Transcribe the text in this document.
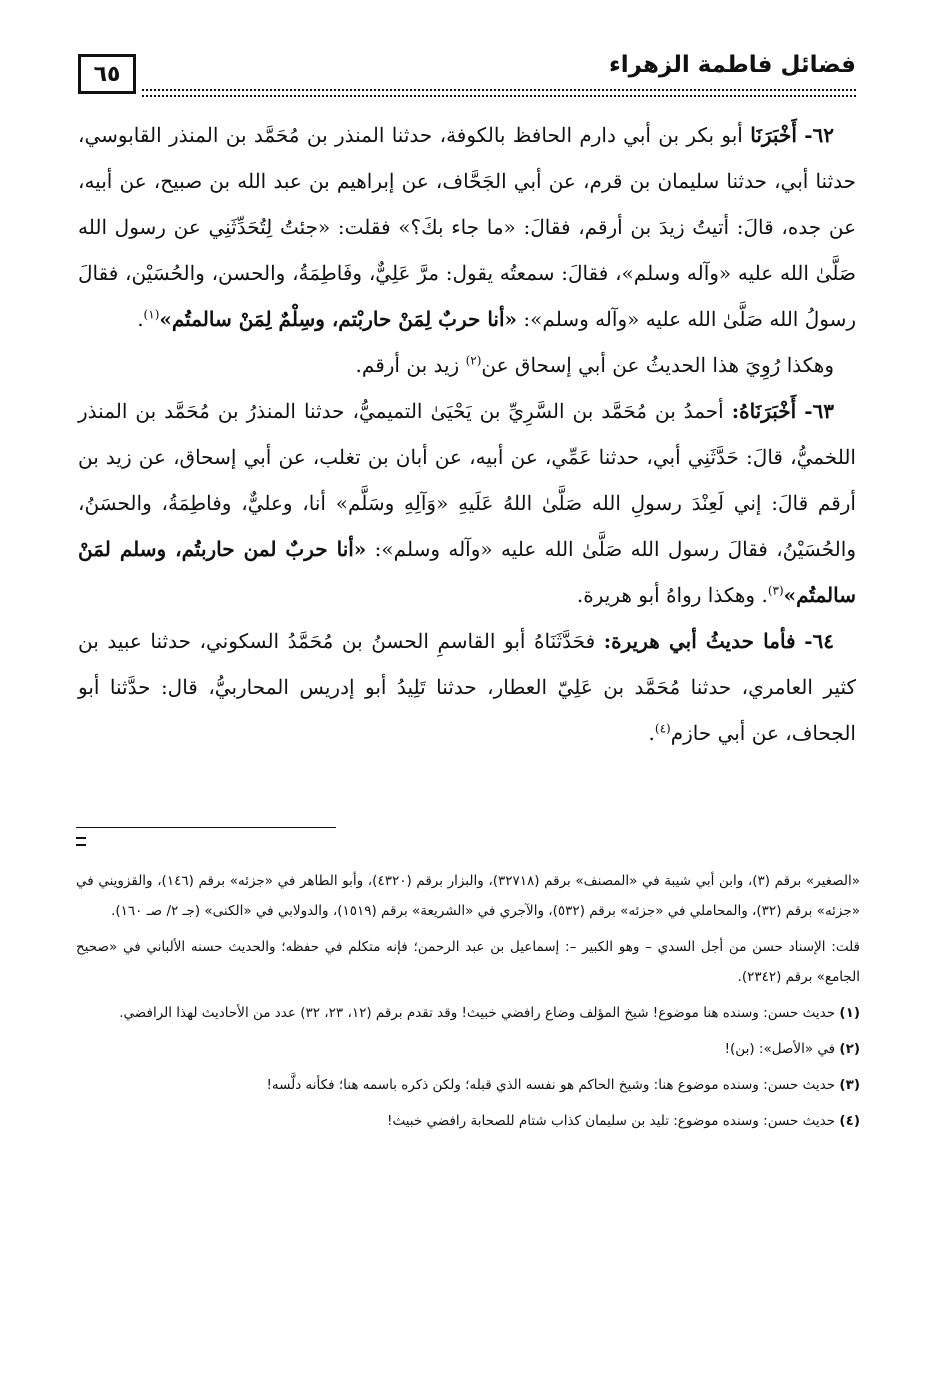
٦٥	فضائل فاطمة الزهراء

٦٢- أَخْبَرَنَا أبو بكر بن أبي دارم الحافظ بالكوفة، حدثنا المنذر بن مُحَمَّد بن المنذر القابوسي، حدثنا أبي، حدثنا سليمان بن قرم، عن أبي الجَحَّاف، عن إبراهيم بن عبد الله بن صبيح، عن أبيه، عن جده، قالَ: أتيتُ زيدَ بن أرقم، فقالَ: «ما جاء بكَ؟» فقلت: «جئتُ لِتُحَدِّثَنِي عن رسول الله صَلَّىٰ الله عليه «وآله وسلم»، فقالَ: سمعتُه يقول: مرَّ عَلِيٌّ، وفَاطِمَةُ، والحسن، والحُسَيْن، فقالَ رسولُ الله صَلَّىٰ الله عليه «وآله وسلم»: «أنا حربٌ لِمَنْ حاربْتم، وسِلْمٌ لِمَنْ سالمتُم»$^{(١)}$.

وهكذا رُوِيَ هذا الحديثُ عن أبي إسحاق عن$^{(٢)}$ زيد بن أرقم.

٦٣- أَخْبَرَنَاهُ: أحمدُ بن مُحَمَّد بن السَّرِيِّ بن يَحْيَىٰ التميميُّ، حدثنا المنذرُ بن مُحَمَّد بن المنذر اللخميُّ، قالَ: حَدَّثَنِي أبي، حدثنا عَمِّي، عن أبيه، عن أبان بن تغلب، عن أبي إسحاق، عن زيد بن أرقم قالَ: إني لَعِنْدَ رسولِ الله صَلَّىٰ اللهُ عَلَيهِ «وَآلِهِ وسَلَّم» أنا، وعليٌّ، وفاطِمَةُ، والحسَنُ، والحُسَيْنُ، فقالَ رسول الله صَلَّىٰ الله عليه «وآله وسلم»: «أنا حربٌ لمن حاربتُم، وسلم لمَنْ سالمتُم»$^{(٣)}$. وهكذا رواهُ أبو هريرة.

٦٤- فأما حديثُ أبي هريرة: فحَدَّثَنَاهُ أبو القاسمِ الحسنُ بن مُحَمَّدُ السكوني، حدثنا عبيد بن كثير العامري، حدثنا مُحَمَّد بن عَلِيّ العطار، حدثنا تَلِيدُ أبو إدريس المحاربيُّ، قال: حدَّثنا أبو الجحاف، عن أبي حازم$^{(٤)}$.

«الصغير» برقم (٣)، وابن أبي شيبة في «المصنف» برقم (٣٢٧١٨)، والبزار برقم (٤٣٢٠)، وأبو الطاهر في «جزئه» برقم (١٤٦)، والقزويني في «جزئه» برقم (٣٢)، والمحاملي في «جزئه» برقم (٥٣٢)، والآجري في «الشريعة» برقم (١٥١٩)، والدولابي في «الكنى» (جـ ٢/ صـ ١٦٠).

قلت: الإسناد حسن من أجل السدي – وهو الكبير –: إسماعيل بن عبد الرحمن؛ فإنه متكلم في حفظه؛ والحديث حسنه الألباني في «صحيح الجامع» برقم (٢٣٤٢).

(١) حديث حسن: وسنده هنا موضوع! شيخ المؤلف وضاع رافضي خبيث! وقد تقدم برقم (١٢، ٢٣، ٣٢) عدد من الأحاديث لهذا الرافضي.

(٢) في «الأصل»: (بن)!

(٣) حديث حسن: وسنده موضوع هنا: وشيخ الحاكم هو نفسه الذي قبله؛ ولكن ذكره باسمه هنا؛ فكأنه دلَّسه!

(٤) حديث حسن: وسنده موضوع: تليد بن سليمان كذاب شتام للصحابة رافضي خبيث!
